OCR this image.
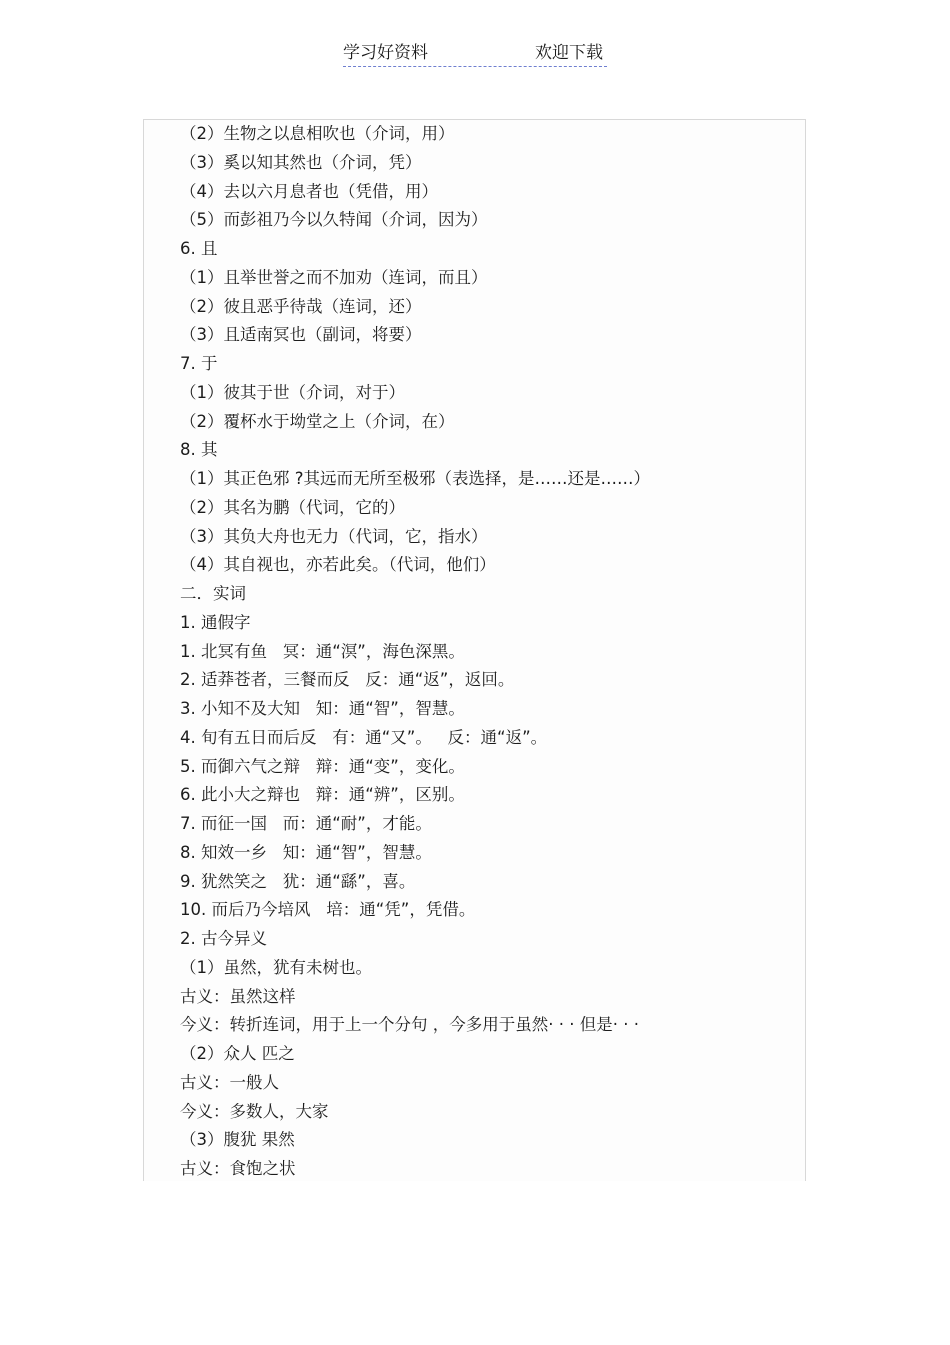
学习好资料	欢迎下载
（2）生物之以息相吹也（介词，用）
（3）奚以知其然也（介词，凭）
（4）去以六月息者也（凭借，用）
（5）而彭祖乃今以久特闻（介词，因为）
6. 且
（1）且举世誉之而不加劝（连词，而且）
（2）彼且恶乎待哉（连词，还）
（3）且适南冥也（副词，将要）
7. 于
（1）彼其于世（介词，对于）
（2）覆杯水于坳堂之上（介词，在）
8. 其
（1）其正色邪 ?其远而无所至极邪（表选择，是……还是……）
（2）其名为鹏（代词，它的）
（3）其负大舟也无力（代词，它，指水）
（4）其自视也，亦若此矣。（代词，他们）
二．实词
1. 通假字
1. 北冥有鱼   冥：通“溟”，海色深黑。
2. 适莽苍者，三餐而反   反：通“返”，返回。
3. 小知不及大知   知：通“智”，智慧。
4. 旬有五日而后反   有：通“又”。   反：通“返”。
5. 而御六气之辩   辩：通“变”，变化。
6. 此小大之辩也   辩：通“辨”，区别。
7. 而征一国   而：通“耐”，才能。
8. 知效一乡   知：通“智”，智慧。
9. 犹然笑之   犹：通“繇”，喜。
10. 而后乃今培风   培：通“凭”，凭借。
2. 古今异义
（1）虽然，犹有未树也。
古义：虽然这样
今义：转折连词，用于上一个分句 ，今多用于虽然· · · 但是· · ·
（2）众人 匹之
古义：一般人
今义：多数人，大家
（3）腹犹 果然
古义：食饱之状
